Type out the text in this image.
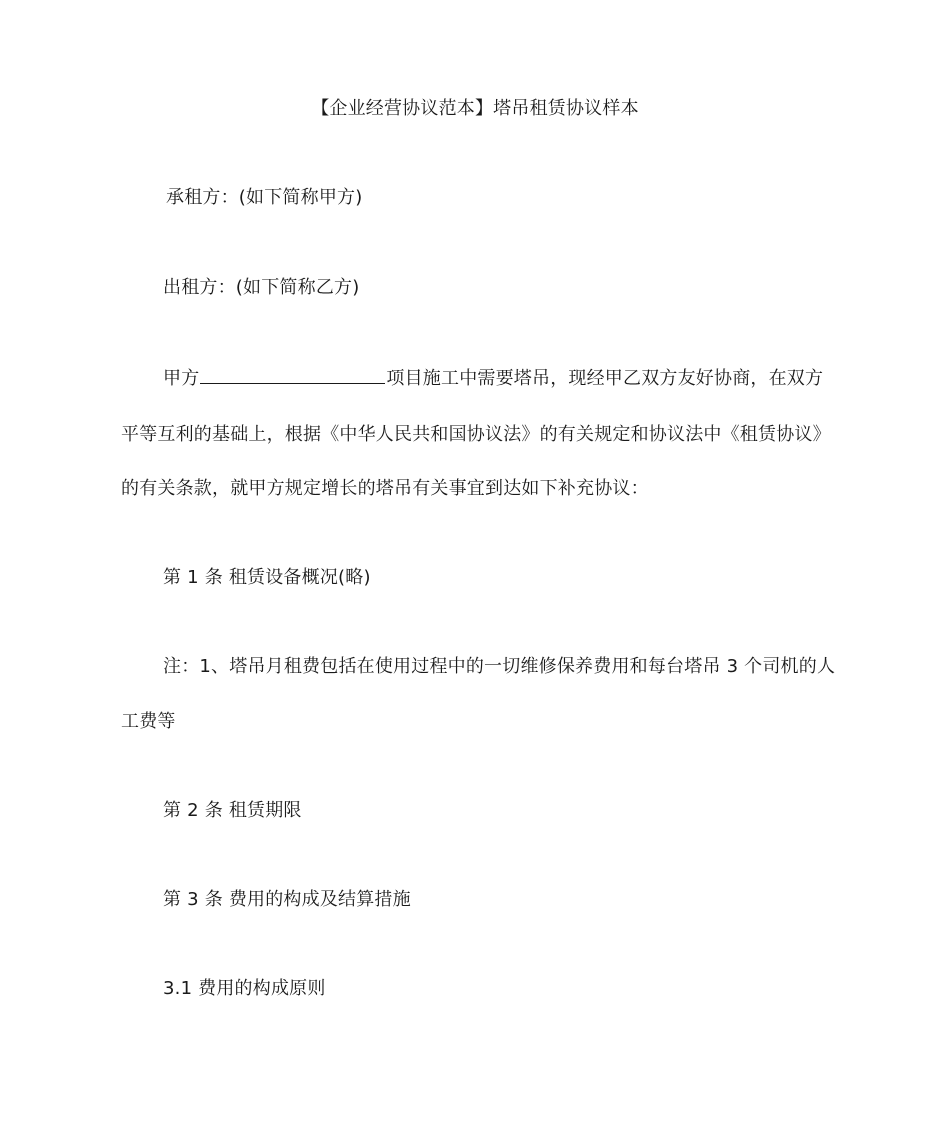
【企业经营协议范本】塔吊租赁协议样本
承租方：(如下简称甲方)
出租方：(如下简称乙方)
甲方	项目施工中需要塔吊，现经甲乙双方友好协商，在双方
平等互利的基础上，根据《中华人民共和国协议法》的有关规定和协议法中《租赁协议》
的有关条款，就甲方规定增长的塔吊有关事宜到达如下补充协议：
第 1 条 租赁设备概况(略)
注：1、塔吊月租费包括在使用过程中的一切维修保养费用和每台塔吊 3 个司机的人
工费等
第 2 条 租赁期限
第 3 条 费用的构成及结算措施
3.1 费用的构成原则
